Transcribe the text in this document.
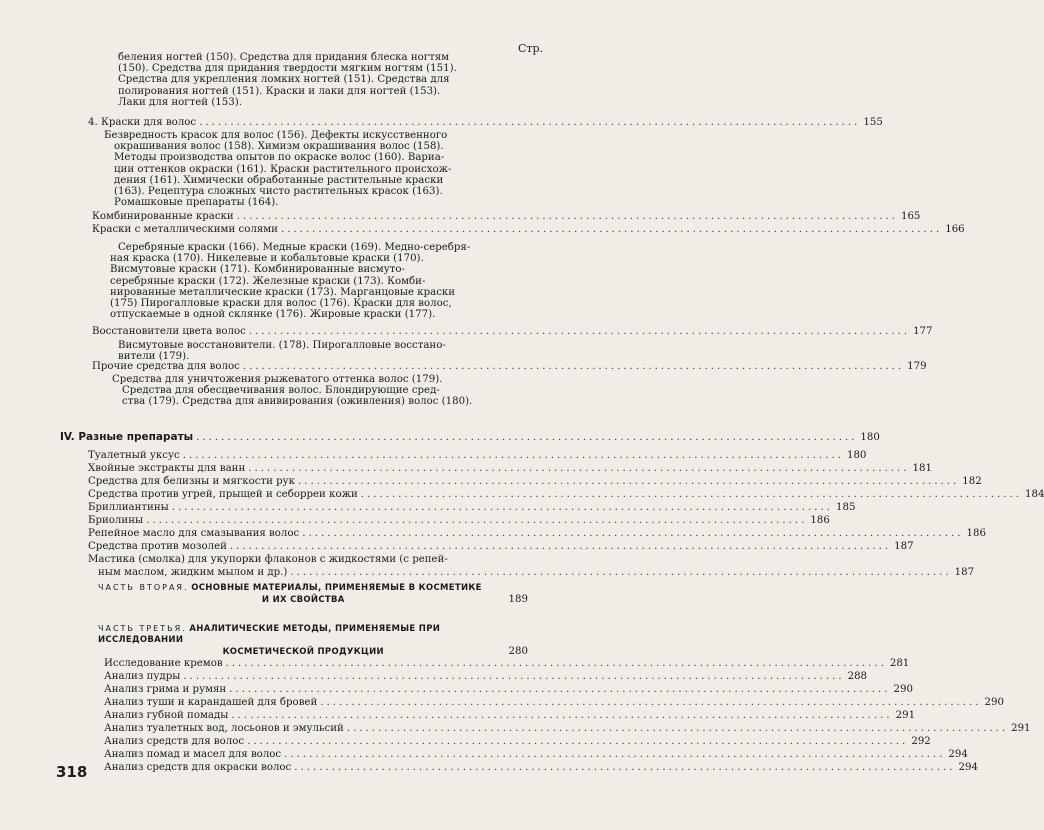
Стр.
беления ногтей (150). Средства для придания блеска ногтям
(150). Средства для придания твердости мягким ногтям (151).
Средства для укрепления ломких ногтей (151). Средства для
полирования ногтей (151). Краски и лаки для ногтей (153).
Лаки для ногтей (153).
4. Краски для волос .......................................................................................................... 155
Безвредность красок для волос (156). Дефекты искусственного
окрашивания волос (158). Химизм окрашивания волос (158).
Методы производства опытов по окраске волос (160). Вариа-
ции оттенков окраски (161). Краски растительного происхож-
дения (161). Химически обработанные растительные краски
(163). Рецептура сложных чисто растительных красок (163).
Ромашковые препараты (164).
Комбинированные краски .......................................................................................................... 165
Краски с металлическими солями .......................................................................................................... 166
Серебряные краски (166). Медные краски (169). Медно-серебря-
ная краска (170). Никелевые и кобальтовые краски (170).
Висмутовые краски (171). Комбинированные висмуто-
серебряные краски (172). Железные краски (173). Комби-
нированные металлические краски (173). Марганцовые краски
(175) Пирогалловые краски для волос (176). Краски для волос,
отпускаемые в одной склянке (176). Жировые краски (177).
Восстановители цвета волос .......................................................................................................... 177
Висмутовые восстановители. (178). Пирогалловые восстано-
вители (179).
Прочие средства для волос .......................................................................................................... 179
Средства для уничтожения рыжеватого оттенка волос (179).
Средства для обесцвечивания волос. Блондирующие сред-
ства (179). Средства для авивирования (оживления) волос (180).
IV. Разные препараты .......................................................................................................... 180
Туалетный уксус .......................................................................................................... 180
Хвойные экстракты для ванн .......................................................................................................... 181
Средства для белизны и мягкости рук .......................................................................................................... 182
Средства против угрей, прыщей и себорреи кожи .......................................................................................................... 184
Бриллиантины .......................................................................................................... 185
Бриолины .......................................................................................................... 186
Репейное масло для смазывания волос .......................................................................................................... 186
Средства против мозолей .......................................................................................................... 187
Мастика (смолка) для укупорки флаконов с жидкостями (с репей-
ным маслом, жидким мылом и др.) .......................................................................................................... 187
ЧАСТЬ ВТОРАЯ. ОСНОВНЫЕ МАТЕРИАЛЫ, ПРИМЕНЯЕМЫЕ В КОСМЕТИКЕ
И ИХ СВОЙСТВА	189
ЧАСТЬ ТРЕТЬЯ. АНАЛИТИЧЕСКИЕ МЕТОДЫ, ПРИМЕНЯЕМЫЕ ПРИ ИССЛЕДОВАНИИ
КОСМЕТИЧЕСКОЙ ПРОДУКЦИИ	280
Исследование кремов .......................................................................................................... 281
Анализ пудры .......................................................................................................... 288
Анализ грима и румян .......................................................................................................... 290
Анализ туши и карандашей для бровей .......................................................................................................... 290
Анализ губной помады .......................................................................................................... 291
Анализ туалетных вод, лосьонов и эмульсий .......................................................................................................... 291
Анализ средств для волос .......................................................................................................... 292
Анализ помад и масел для волос .......................................................................................................... 294
Анализ средств для окраски волос .......................................................................................................... 294
318
